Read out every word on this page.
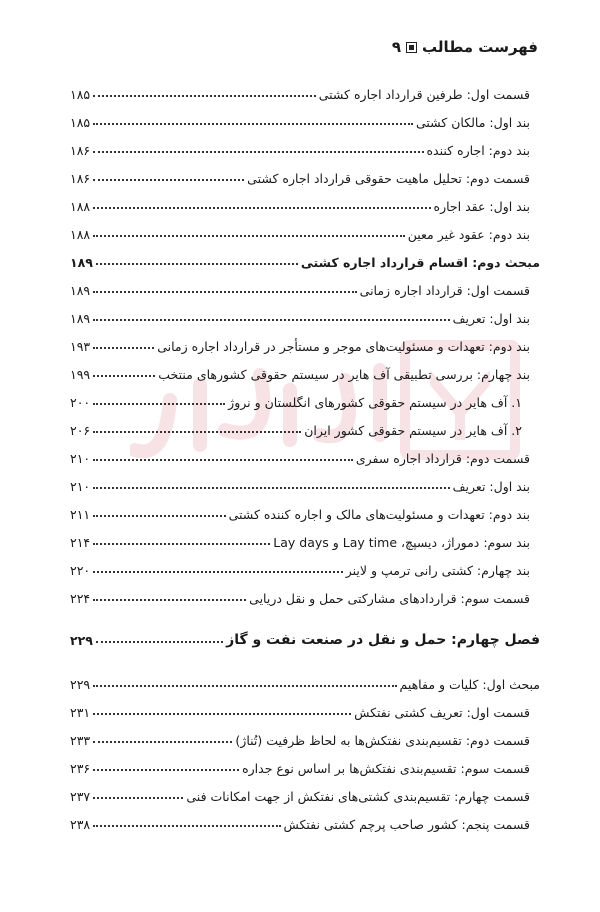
فهرست مطالب
۹
قسمت اول: طرفین قرارداد اجاره کشتی
۱۸۵
بند اول: مالکان کشتی
۱۸۵
بند دوم: اجاره کننده
۱۸۶
قسمت دوم: تحلیل ماهیت حقوقی قرارداد اجاره کشتی
۱۸۶
بند اول: عقد اجاره
۱۸۸
بند دوم: عقود غیر معین
۱۸۸
مبحث دوم: اقسام قرارداد اجاره کشتی
۱۸۹
قسمت اول: قرارداد اجاره زمانی
۱۸۹
بند اول: تعریف
۱۸۹
بند دوم: تعهدات و مسئولیت‌های موجر و مستأجر در قرارداد اجاره زمانی
۱۹۳
بند چهارم: بررسی تطبیقی آف هایر در سیستم حقوقی کشورهای منتخب
۱۹۹
۱. آف هایر در سیستم حقوقی کشورهای انگلستان و نروژ
۲۰۰
۲. آف هایر در سیستم حقوقی کشور ایران
۲۰۶
قسمت دوم: قرارداد اجاره سفری
۲۱۰
بند اول: تعریف
۲۱۰
بند دوم: تعهدات و مسئولیت‌های مالک و اجاره کننده کشتی
۲۱۱
بند سوم: دموراژ، دیسپچ، Lay time و Lay days
۲۱۴
بند چهارم: کشتی رانی ترمپ و لاینر
۲۲۰
قسمت سوم: قراردادهای مشارکتی حمل و نقل دریایی
۲۲۴
فصل چهارم: حمل و نقل در صنعت نفت و گاز
۲۲۹
مبحث اول: کلیات و مفاهیم
۲۲۹
قسمت اول: تعریف کشتی نفتکش
۲۳۱
قسمت دوم: تقسیم‌بندی نفتکش‌ها به لحاظ ظرفیت (تُناژ)
۲۳۳
قسمت سوم: تقسیم‌بندی نفتکش‌ها بر اساس نوع جداره
۲۳۶
قسمت چهارم: تقسیم‌بندی کشتی‌های نفتکش از جهت امکانات فنی
۲۳۷
قسمت پنجم: کشور صاحب پرچم کشتی نفتکش
۲۳۸
